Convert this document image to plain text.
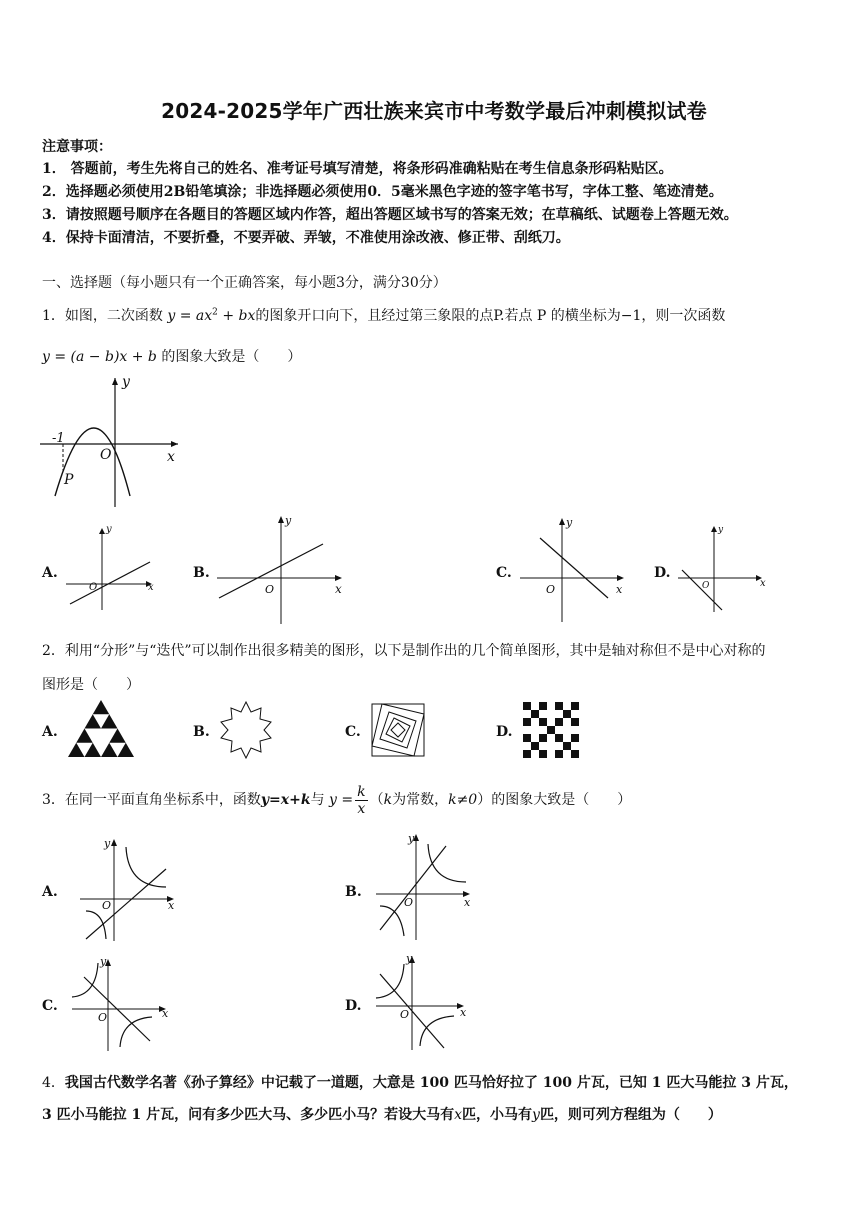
2024-2025学年广西壮族来宾市中考数学最后冲刺模拟试卷
注意事项：
1． 答题前，考生先将自己的姓名、准考证号填写清楚，将条形码准确粘贴在考生信息条形码粘贴区。
2．选择题必须使用2B铅笔填涂；非选择题必须使用0．5毫米黑色字迹的签字笔书写，字体工整、笔迹清楚。
3．请按照题号顺序在各题目的答题区域内作答，超出答题区域书写的答案无效；在草稿纸、试题卷上答题无效。
4．保持卡面清洁，不要折叠，不要弄破、弄皱，不准使用涂改液、修正带、刮纸刀。
一、选择题（每小题只有一个正确答案，每小题3分，满分30分）
1．如图，二次函数 $y = ax^2$ + bx的图象开口向下，且经过第三象限的点P.若点 P 的横坐标为−1，则一次函数
y = (a − b)x + b 的图象大致是（　　）
-1
O	x
y
P
A.
O	x
y
B.
O	x
y
C.
O	x
y
D.
O	x
y
2．利用“分形”与“迭代”可以制作出很多精美的图形，以下是制作出的几个简单图形，其中是轴对称但不是中心对称的
图形是（　　）
A.	B.	C.	D.
3．在同一平面直角坐标系中，函数y=x+k与 $y = \frac{k}{x} (k$为常数，k≠0）的图象大致是（　　）
A.
O	x
y
B.
O	x
y
C.
O	x
y
D.
O	x
y
4．我国古代数学名著《孙子算经》中记载了一道题，大意是 100 匹马恰好拉了 100 片瓦，已知 1 匹大马能拉 3 片瓦，
3 匹小马能拉 1 片瓦，问有多少匹大马、多少匹小马？若设大马有x匹，小马有y匹，则可列方程组为（　　）
